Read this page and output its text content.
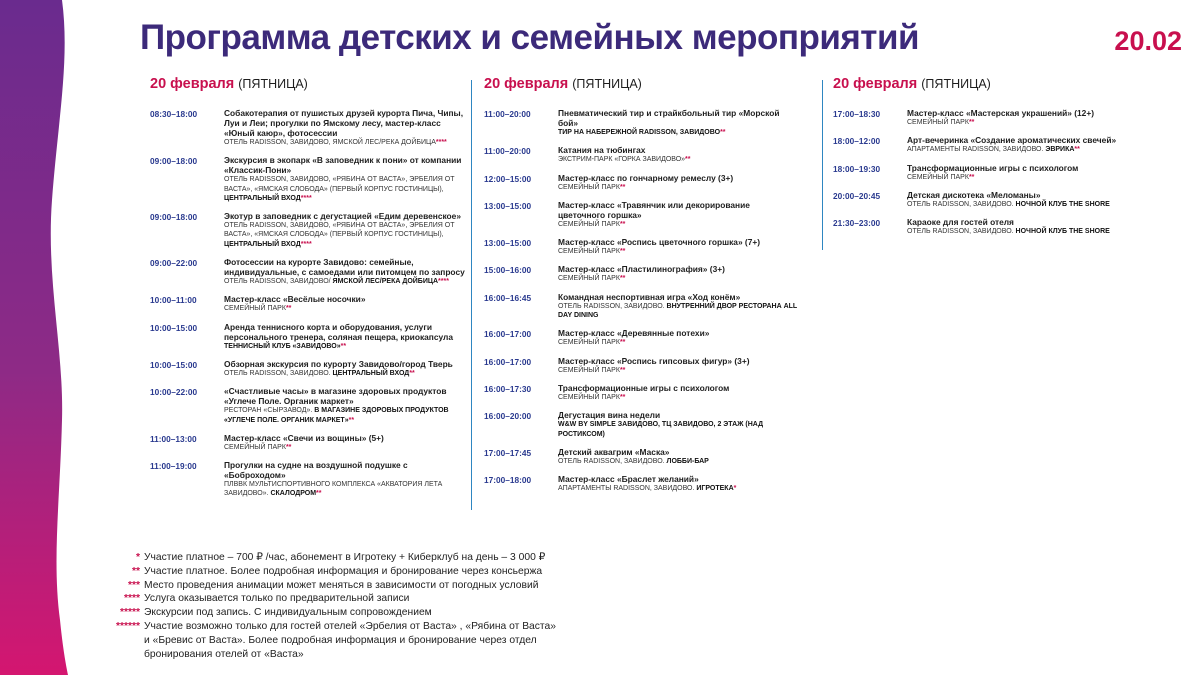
Программа детских и семейных мероприятий	20.02
20 февраля (ПЯТНИЦА)
08:30–18:00	Собакотерапия от пушистых друзей курорта Пича, Чипы, Луи и Леи; прогулки по Ямскому лесу, мастер-класс «Юный каюр», фотосессии
ОТЕЛЬ RADISSON, ЗАВИДОВО, ЯМСКОЙ ЛЕС/РЕКА ДОЙБИЦА****
09:00–18:00	Экскурсия в экопарк «В заповедник к пони» от компании «Классик-Пони»
ОТЕЛЬ RADISSON, ЗАВИДОВО, «РЯБИНА ОТ ВАСТА», ЭРБЕЛИЯ ОТ ВАСТА», «ЯМСКАЯ СЛОБОДА» (ПЕРВЫЙ КОРПУС ГОСТИНИЦЫ), ЦЕНТРАЛЬНЫЙ ВХОД****
09:00–18:00	Экотур в заповедник с дегустацией «Едим деревенское»
ОТЕЛЬ RADISSON, ЗАВИДОВО, «РЯБИНА ОТ ВАСТА», ЭРБЕЛИЯ ОТ ВАСТА», «ЯМСКАЯ СЛОБОДА» (ПЕРВЫЙ КОРПУС ГОСТИНИЦЫ), ЦЕНТРАЛЬНЫЙ ВХОД****
09:00–22:00	Фотосессии на курорте Завидово: семейные, индивидуальные, с самоедами или питомцем по запросу
ОТЕЛЬ RADISSON, ЗАВИДОВО/ ЯМСКОЙ ЛЕС/РЕКА ДОЙБИЦА****
10:00–11:00	Мастер-класс «Весёлые носочки»
СЕМЕЙНЫЙ ПАРК**
10:00–15:00	Аренда теннисного корта и оборудования, услуги персонального тренера, соляная пещера, криокапсула
ТЕННИСНЫЙ КЛУБ «ЗАВИДОВО»**
10:00–15:00	Обзорная экскурсия по курорту Завидово/город Тверь
ОТЕЛЬ RADISSON, ЗАВИДОВО. ЦЕНТРАЛЬНЫЙ ВХОД**
10:00–22:00	«Счастливые часы» в магазине здоровых продуктов «Углече Поле. Органик маркет»
РЕСТОРАН «СЫРЗАВОД». В МАГАЗИНЕ ЗДОРОВЫХ ПРОДУКТОВ «УГЛЕЧЕ ПОЛЕ. ОРГАНИК МАРКЕТ»**
11:00–13:00	Мастер-класс «Свечи из вощины» (5+)
СЕМЕЙНЫЙ ПАРК**
11:00–19:00	Прогулки на судне на воздушной подушке с «Боброходом»
ПЛВВК МУЛЬТИСПОРТИВНОГО КОМПЛЕКСА «АКВАТОРИЯ ЛЕТА ЗАВИДОВО». СКАЛОДРОМ**
20 февраля (ПЯТНИЦА)
11:00–20:00	Пневматический тир и страйкбольный тир «Морской бой»
ТИР НА НАБЕРЕЖНОЙ RADISSON, ЗАВИДОВО**
11:00–20:00	Катания на тюбингах
ЭКСТРИМ-ПАРК «ГОРКА ЗАВИДОВО»**
12:00–15:00	Мастер-класс по гончарному ремеслу (3+)
СЕМЕЙНЫЙ ПАРК**
13:00–15:00	Мастер-класс «Травянчик или декорирование цветочного горшка»
СЕМЕЙНЫЙ ПАРК**
13:00–15:00	Мастер-класс «Роспись цветочного горшка» (7+)
СЕМЕЙНЫЙ ПАРК**
15:00–16:00	Мастер-класс «Пластилинография» (3+)
СЕМЕЙНЫЙ ПАРК**
16:00–16:45	Командная неспортивная игра «Ход конём»
ОТЕЛЬ RADISSON, ЗАВИДОВО. ВНУТРЕННИЙ ДВОР РЕСТОРАНА ALL DAY DINING
16:00–17:00	Мастер-класс «Деревянные потехи»
СЕМЕЙНЫЙ ПАРК**
16:00–17:00	Мастер-класс «Роспись гипсовых фигур» (3+)
СЕМЕЙНЫЙ ПАРК**
16:00–17:30	Трансформационные игры с психологом
СЕМЕЙНЫЙ ПАРК**
16:00–20:00	Дегустация вина недели
W&W BY SIMPLE ЗАВИДОВО, ТЦ ЗАВИДОВО, 2 ЭТАЖ (НАД РОСТИКСОМ)
17:00–17:45	Детский аквагрим «Маска»
ОТЕЛЬ RADISSON, ЗАВИДОВО. ЛОББИ-БАР
17:00–18:00	Мастер-класс «Браслет желаний»
АПАРТАМЕНТЫ RADISSON, ЗАВИДОВО. ИГРОТЕКА*
20 февраля (ПЯТНИЦА)
17:00–18:30	Мастер-класс «Мастерская украшений» (12+)
СЕМЕЙНЫЙ ПАРК**
18:00–12:00	Арт-вечеринка «Создание ароматических свечей»
АПАРТАМЕНТЫ RADISSON, ЗАВИДОВО. ЭВРИКА**
18:00–19:30	Трансформационные игры с психологом
СЕМЕЙНЫЙ ПАРК**
20:00–20:45	Детская дискотека «Меломаны»
ОТЕЛЬ RADISSON, ЗАВИДОВО. НОЧНОЙ КЛУБ THE SHORE
21:30–23:00	Караоке для гостей отеля
ОТЕЛЬ RADISSON, ЗАВИДОВО. НОЧНОЙ КЛУБ THE SHORE
* Участие платное – 700 ₽ /час, абонемент в Игротеку + Киберклуб на день – 3 000 ₽
** Участие платное. Более подробная информация и бронирование через консьержа
*** Место проведения анимации может меняться в зависимости от погодных условий
**** Услуга оказывается только по предварительной записи
***** Экскурсии под запись. С индивидуальным сопровождением
****** Участие возможно только для гостей отелей «Эрбелия от Васта» , «Рябина от Васта»
и «Бревис от Васта». Более подробная информация и бронирование через отдел
бронирования отелей от «Васта»
